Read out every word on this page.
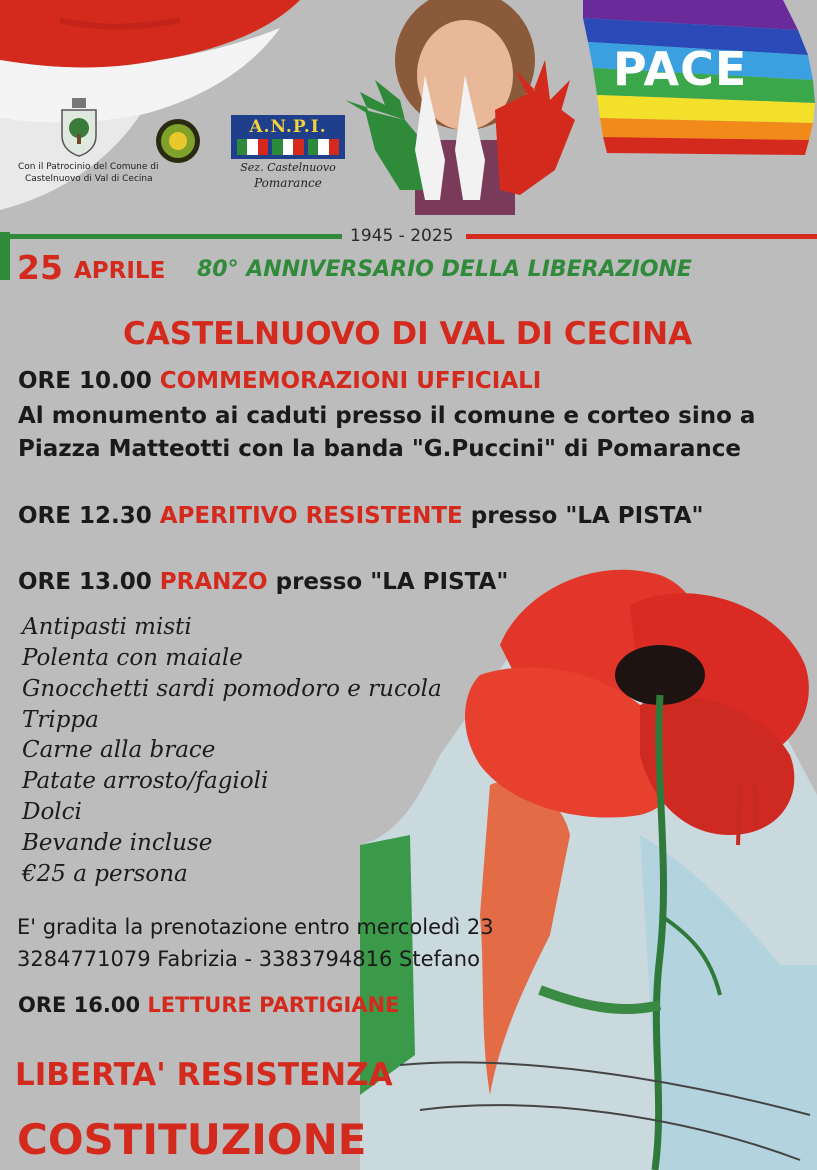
Con il Patrocinio del Comune di
Castelnuovo di Val di Cecina
A.N.P.I.
Sez. Castelnuovo
Pomarance
PACE
1945 - 2025
25 APRILE 80° ANNIVERSARIO DELLA LIBERAZIONE
CASTELNUOVO DI VAL DI CECINA
ORE 10.00 COMMEMORAZIONI UFFICIALI
Al monumento ai caduti presso il comune e corteo sino a
Piazza Matteotti con la banda "G.Puccini" di Pomarance
ORE 12.30 APERITIVO RESISTENTE presso "LA PISTA"
ORE 13.00 PRANZO presso "LA PISTA"
Antipasti misti
Polenta con maiale
Gnocchetti sardi pomodoro e rucola
Trippa
Carne alla brace
Patate arrosto/fagioli
Dolci
Bevande incluse
€25 a persona
E' gradita la prenotazione entro mercoledì 23
3284771079 Fabrizia - 3383794816 Stefano
ORE 16.00 LETTURE PARTIGIANE
LIBERTA' RESISTENZA
COSTITUZIONE
